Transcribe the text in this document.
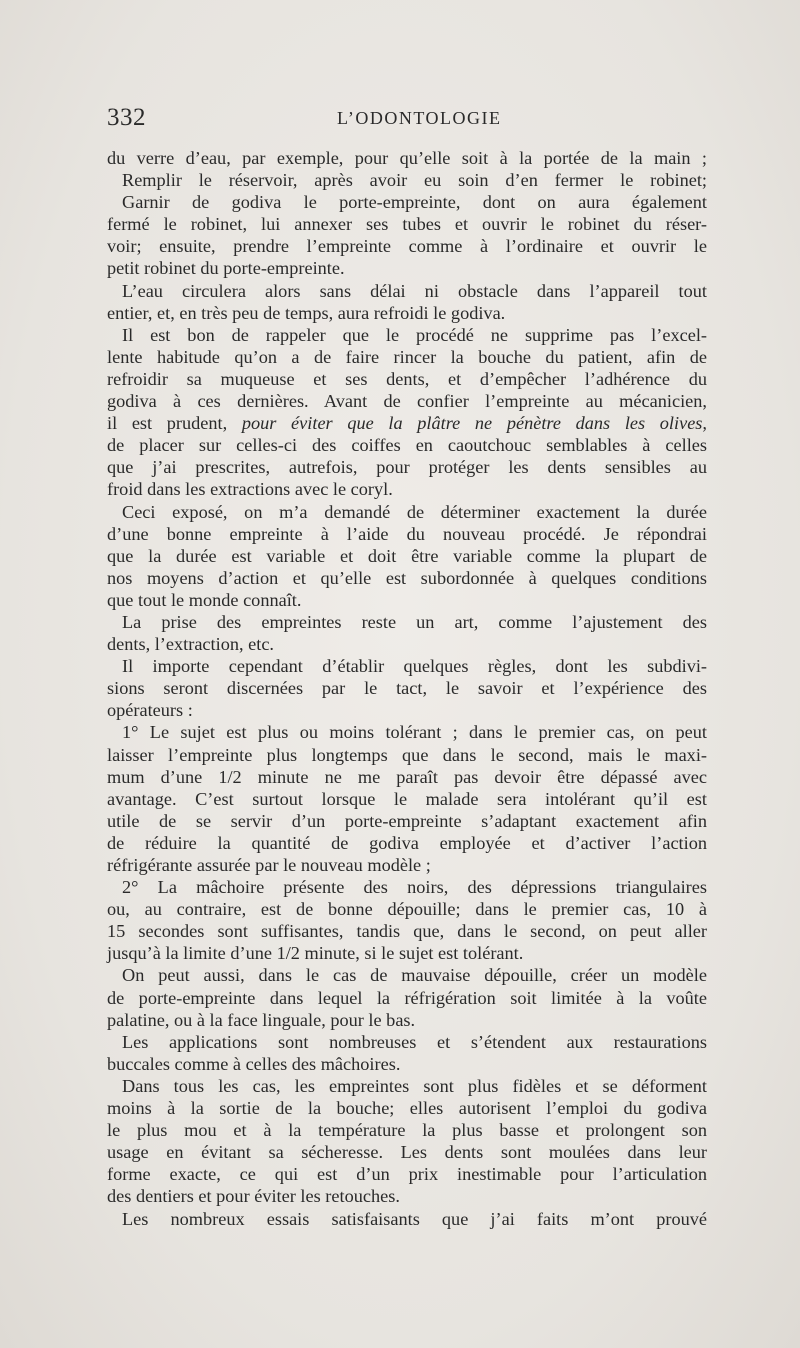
332	L’ODONTOLOGIE
du verre d’eau, par exemple, pour qu’elle soit à la portée de la main ;
Remplir le réservoir, après avoir eu soin d’en fermer le robinet;
Garnir de godiva le porte-empreinte, dont on aura également
fermé le robinet, lui annexer ses tubes et ouvrir le robinet du réser-
voir; ensuite, prendre l’empreinte comme à l’ordinaire et ouvrir le
petit robinet du porte-empreinte.
L’eau circulera alors sans délai ni obstacle dans l’appareil tout
entier, et, en très peu de temps, aura refroidi le godiva.
Il est bon de rappeler que le procédé ne supprime pas l’excel-
lente habitude qu’on a de faire rincer la bouche du patient, afin de
refroidir sa muqueuse et ses dents, et d’empêcher l’adhérence du
godiva à ces dernières. Avant de confier l’empreinte au mécanicien,
il est prudent, pour éviter que la plâtre ne pénètre dans les olives,
de placer sur celles-ci des coiffes en caoutchouc semblables à celles
que j’ai prescrites, autrefois, pour protéger les dents sensibles au
froid dans les extractions avec le coryl.
Ceci exposé, on m’a demandé de déterminer exactement la durée
d’une bonne empreinte à l’aide du nouveau procédé. Je répondrai
que la durée est variable et doit être variable comme la plupart de
nos moyens d’action et qu’elle est subordonnée à quelques conditions
que tout le monde connaît.
La prise des empreintes reste un art, comme l’ajustement des
dents, l’extraction, etc.
Il importe cependant d’établir quelques règles, dont les subdivi-
sions seront discernées par le tact, le savoir et l’expérience des
opérateurs :
1° Le sujet est plus ou moins tolérant ; dans le premier cas, on peut
laisser l’empreinte plus longtemps que dans le second, mais le maxi-
mum d’une 1/2 minute ne me paraît pas devoir être dépassé avec
avantage. C’est surtout lorsque le malade sera intolérant qu’il est
utile de se servir d’un porte-empreinte s’adaptant exactement afin
de réduire la quantité de godiva employée et d’activer l’action
réfrigérante assurée par le nouveau modèle ;
2° La mâchoire présente des noirs, des dépressions triangulaires
ou, au contraire, est de bonne dépouille; dans le premier cas, 10 à
15 secondes sont suffisantes, tandis que, dans le second, on peut aller
jusqu’à la limite d’une 1/2 minute, si le sujet est tolérant.
On peut aussi, dans le cas de mauvaise dépouille, créer un modèle
de porte-empreinte dans lequel la réfrigération soit limitée à la voûte
palatine, ou à la face linguale, pour le bas.
Les applications sont nombreuses et s’étendent aux restaurations
buccales comme à celles des mâchoires.
Dans tous les cas, les empreintes sont plus fidèles et se déforment
moins à la sortie de la bouche; elles autorisent l’emploi du godiva
le plus mou et à la température la plus basse et prolongent son
usage en évitant sa sécheresse. Les dents sont moulées dans leur
forme exacte, ce qui est d’un prix inestimable pour l’articulation
des dentiers et pour éviter les retouches.
Les nombreux essais satisfaisants que j’ai faits m’ont prouvé
